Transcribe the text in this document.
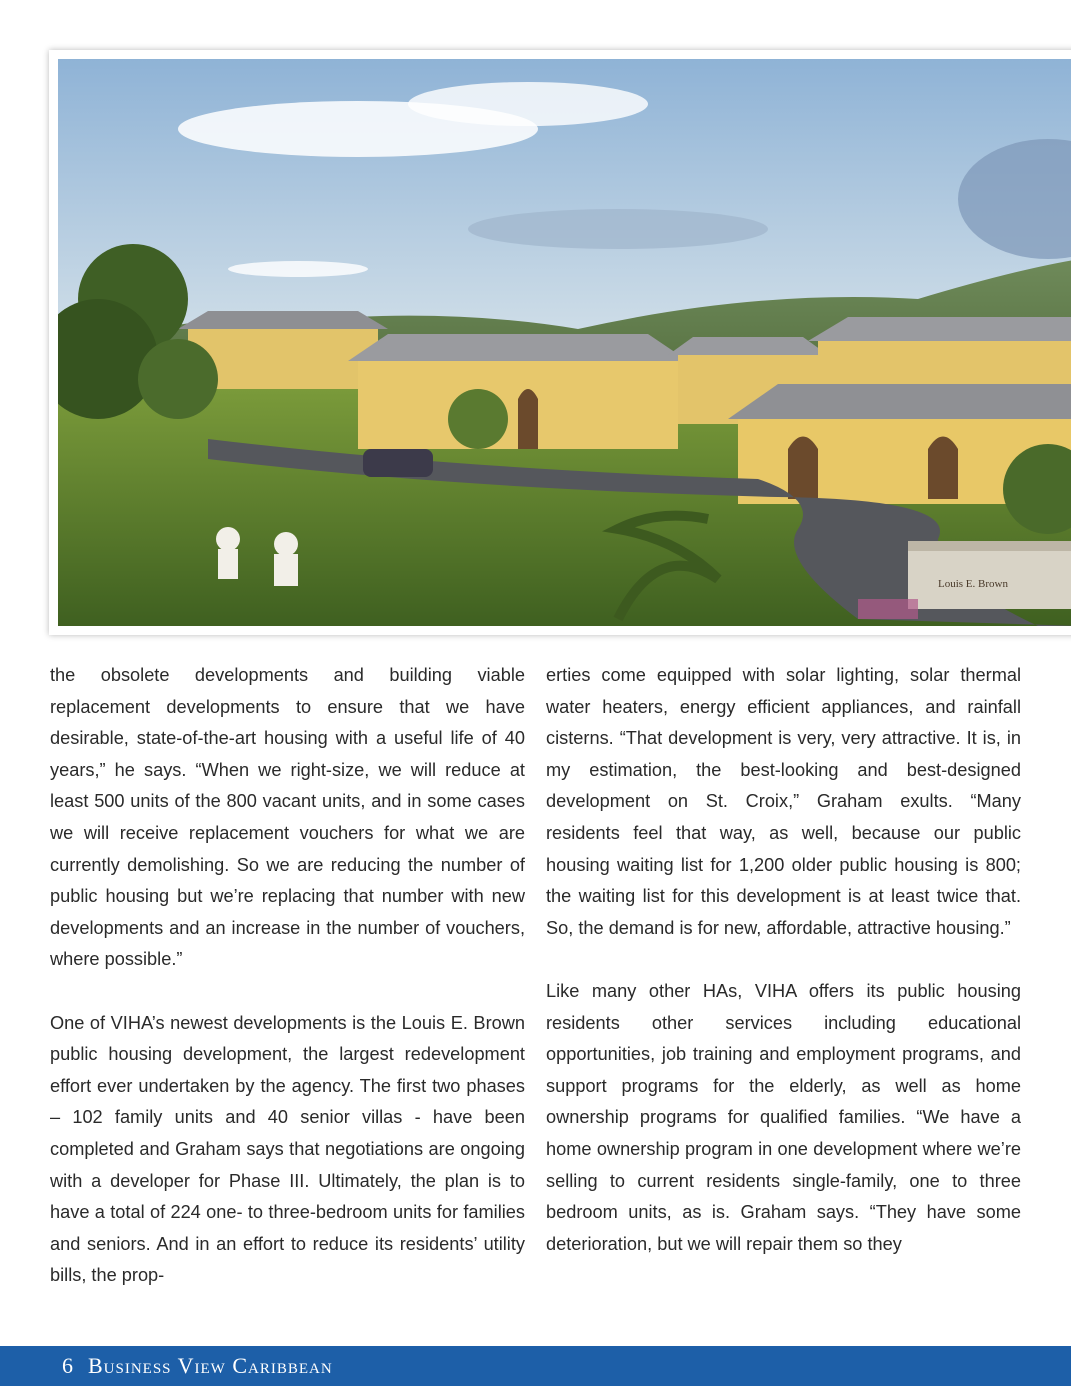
Louis E. Brown

the obsolete developments and building viable replacement developments to ensure that we have desirable, state-of-the-art housing with a useful life of 40 years,” he says. “When we right-size, we will reduce at least 500 units of the 800 vacant units, and in some cases we will receive replacement vouchers for what we are currently demolishing. So we are reducing the number of public housing but we’re replacing that number with new developments and an increase in the number of vouchers, where possible.”

One of VIHA’s newest developments is the Louis E. Brown public housing development, the largest redevelopment effort ever undertaken by the agency. The first two phases – 102 family units and 40 senior villas - have been completed and Graham says that negotiations are ongoing with a developer for Phase III. Ultimately, the plan is to have a total of 224 one- to three-bedroom units for families and seniors. And in an effort to reduce its residents’ utility bills, the prop-

erties come equipped with solar lighting, solar thermal water heaters, energy efficient appliances, and rainfall cisterns. “That development is very, very attractive. It is, in my estimation, the best-looking and best-designed development on St. Croix,” Graham exults. “Many residents feel that way, as well, because our public housing waiting list for 1,200 older public housing is 800; the waiting list for this development is at least twice that. So, the demand is for new, affordable, attractive housing.”

Like many other HAs, VIHA offers its public housing residents other services including educational opportunities, job training and employment programs, and support programs for the elderly, as well as home ownership programs for qualified families. “We have a home ownership program in one development where we’re selling to current residents single-family, one to three bedroom units, as is. Graham says. “They have some deterioration, but we will repair them so they

6 Business View Caribbean
